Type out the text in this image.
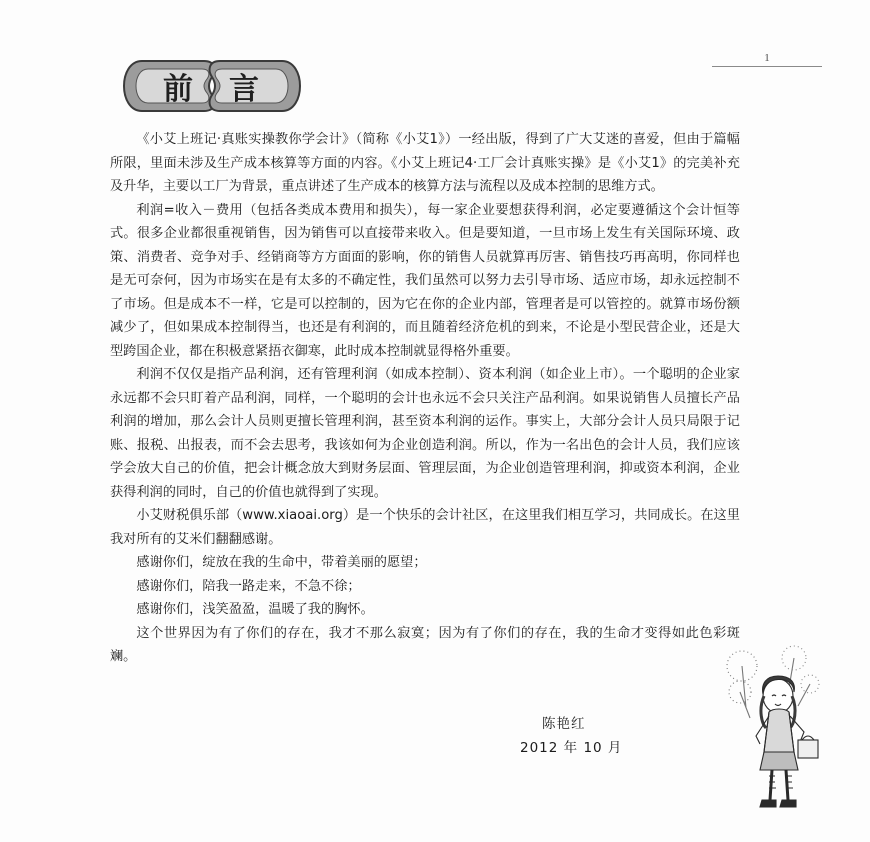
1
前 言

《小艾上班记·真账实操教你学会计》（简称《小艾1》）一经出版，得到了广大艾迷的喜爱，但由于篇幅所限，里面未涉及生产成本核算等方面的内容。《小艾上班记4·工厂会计真账实操》是《小艾1》的完美补充及升华，主要以工厂为背景，重点讲述了生产成本的核算方法与流程以及成本控制的思维方式。

利润=收入－费用（包括各类成本费用和损失），每一家企业要想获得利润，必定要遵循这个会计恒等式。很多企业都很重视销售，因为销售可以直接带来收入。但是要知道，一旦市场上发生有关国际环境、政策、消费者、竞争对手、经销商等方方面面的影响，你的销售人员就算再厉害、销售技巧再高明，你同样也是无可奈何，因为市场实在是有太多的不确定性，我们虽然可以努力去引导市场、适应市场，却永远控制不了市场。但是成本不一样，它是可以控制的，因为它在你的企业内部，管理者是可以管控的。就算市场份额减少了，但如果成本控制得当，也还是有利润的，而且随着经济危机的到来，不论是小型民营企业，还是大型跨国企业，都在积极意紧捂衣御寒，此时成本控制就显得格外重要。

利润不仅仅是指产品利润，还有管理利润（如成本控制）、资本利润（如企业上市）。一个聪明的企业家永远都不会只盯着产品利润，同样，一个聪明的会计也永远不会只关注产品利润。如果说销售人员擅长产品利润的增加，那么会计人员则更擅长管理利润，甚至资本利润的运作。事实上，大部分会计人员只局限于记账、报税、出报表，而不会去思考，我该如何为企业创造利润。所以，作为一名出色的会计人员，我们应该学会放大自己的价值，把会计概念放大到财务层面、管理层面，为企业创造管理利润，抑或资本利润，企业获得利润的同时，自己的价值也就得到了实现。

小艾财税俱乐部（www.xiaoai.org）是一个快乐的会计社区，在这里我们相互学习，共同成长。在这里我对所有的艾米们翻翻感谢。

感谢你们，绽放在我的生命中，带着美丽的愿望；

感谢你们，陪我一路走来，不急不徐；

感谢你们，浅笑盈盈，温暖了我的胸怀。

这个世界因为有了你们的存在，我才不那么寂寞；因为有了你们的存在，我的生命才变得如此色彩斑斓。

陈艳红
2012 年 10 月
